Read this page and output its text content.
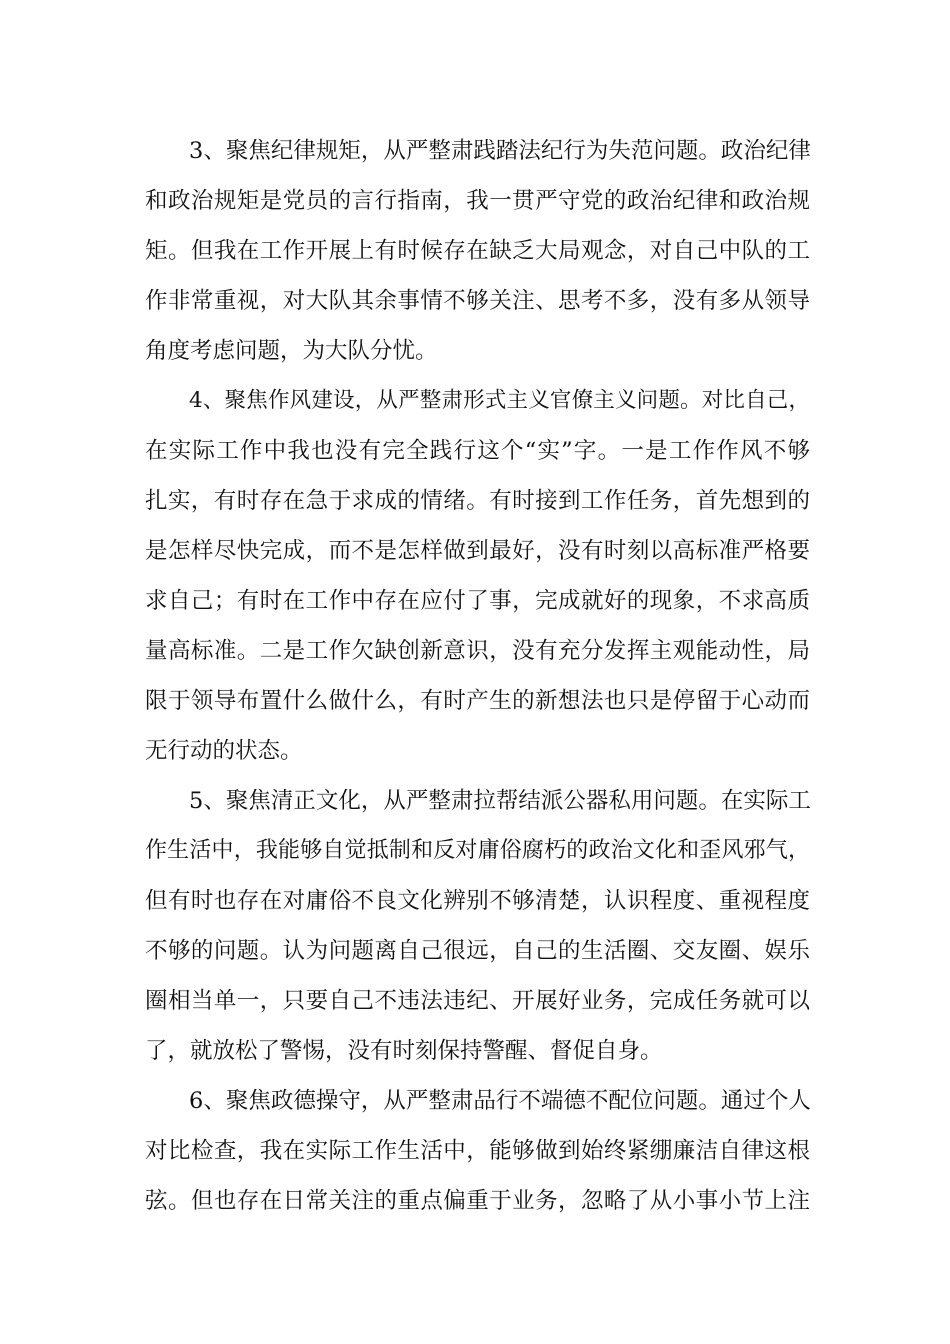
3、聚焦纪律规矩，从严整肃践踏法纪行为失范问题。政治纪律
和政治规矩是党员的言行指南，我一贯严守党的政治纪律和政治规
矩。但我在工作开展上有时候存在缺乏大局观念，对自己中队的工
作非常重视，对大队其余事情不够关注、思考不多，没有多从领导
角度考虑问题，为大队分忧。
4、聚焦作风建设，从严整肃形式主义官僚主义问题。对比自己，
在实际工作中我也没有完全践行这个“实”字。一是工作作风不够
扎实，有时存在急于求成的情绪。有时接到工作任务，首先想到的
是怎样尽快完成，而不是怎样做到最好，没有时刻以高标准严格要
求自己；有时在工作中存在应付了事，完成就好的现象，不求高质
量高标准。二是工作欠缺创新意识，没有充分发挥主观能动性，局
限于领导布置什么做什么，有时产生的新想法也只是停留于心动而
无行动的状态。
5、聚焦清正文化，从严整肃拉帮结派公器私用问题。在实际工
作生活中，我能够自觉抵制和反对庸俗腐朽的政治文化和歪风邪气，
但有时也存在对庸俗不良文化辨别不够清楚，认识程度、重视程度
不够的问题。认为问题离自己很远，自己的生活圈、交友圈、娱乐
圈相当单一，只要自己不违法违纪、开展好业务，完成任务就可以
了，就放松了警惕，没有时刻保持警醒、督促自身。
6、聚焦政德操守，从严整肃品行不端德不配位问题。通过个人
对比检查，我在实际工作生活中，能够做到始终紧绷廉洁自律这根
弦。但也存在日常关注的重点偏重于业务，忽略了从小事小节上注
